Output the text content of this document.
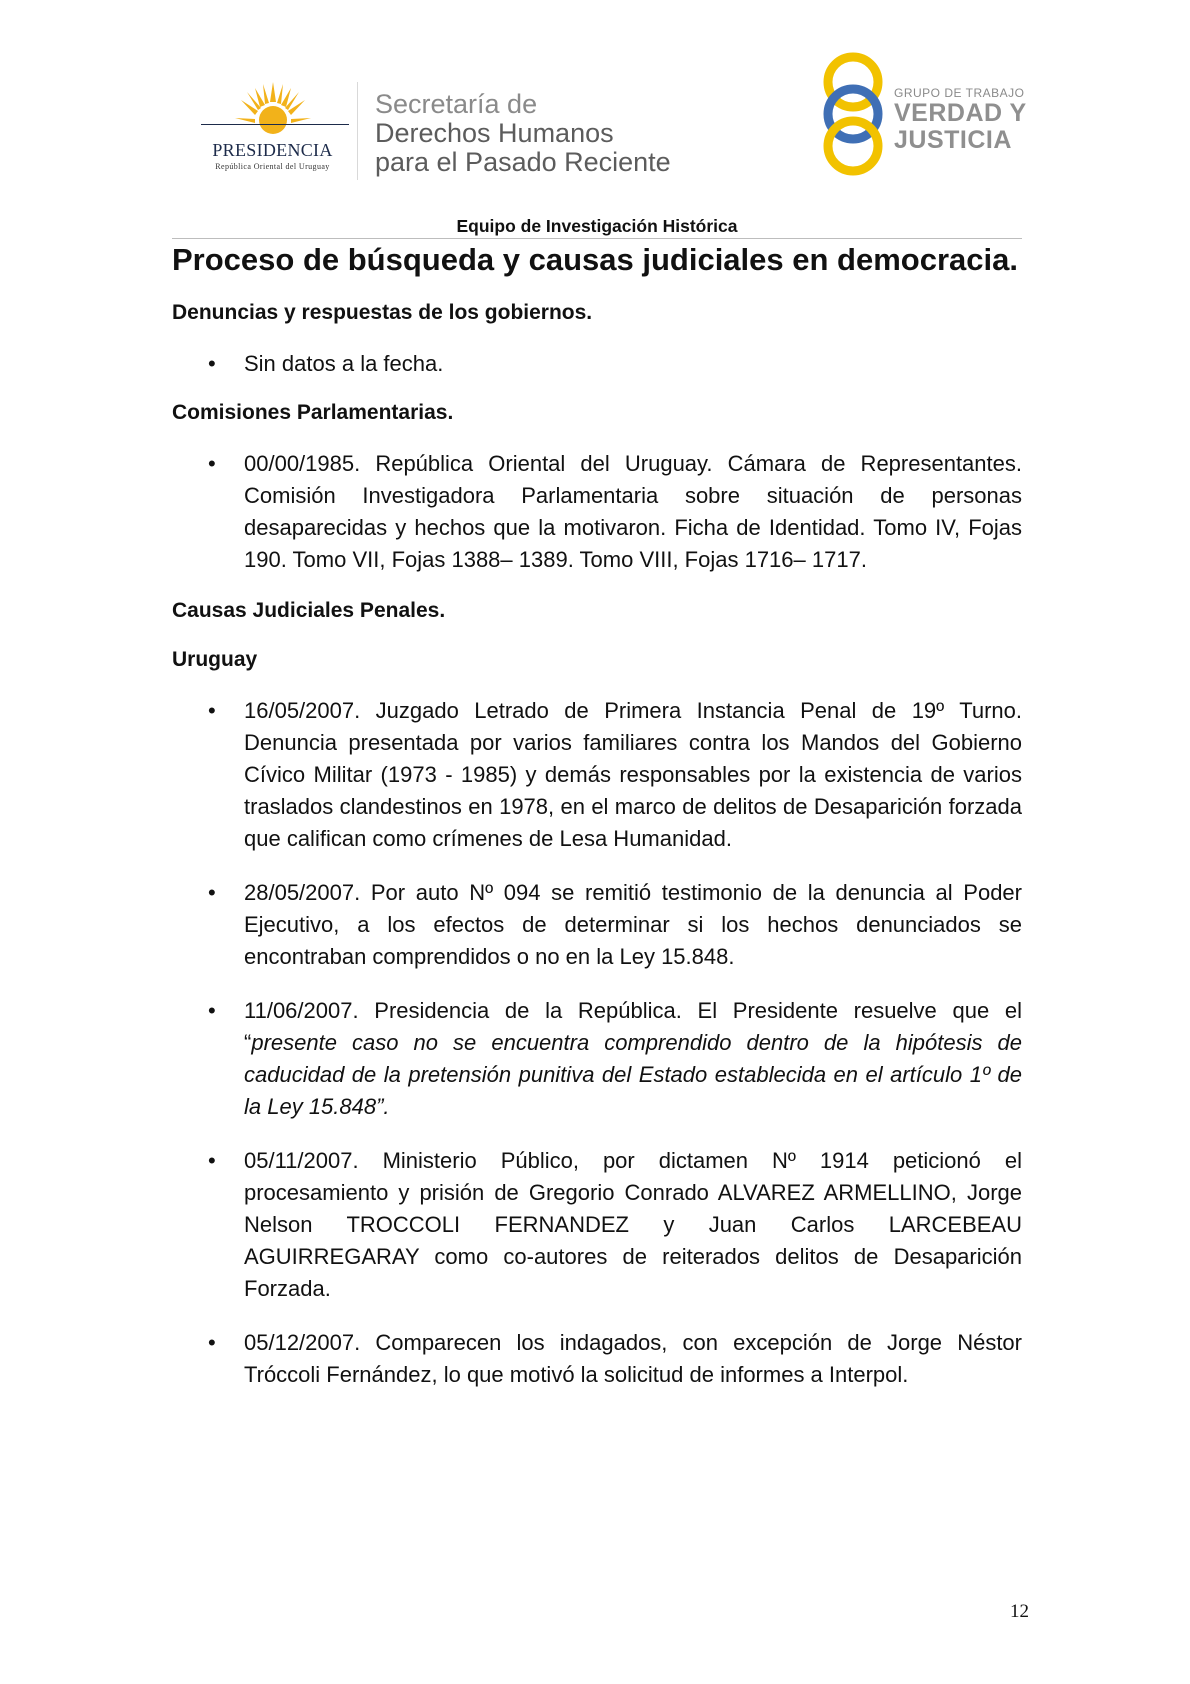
PRESIDENCIA
República Oriental del Uruguay
Secretaría de
Derechos Humanos
para el Pasado Reciente
GRUPO DE TRABAJO
VERDAD Y
JUSTICIA
Equipo de Investigación Histórica
Proceso de búsqueda y causas judiciales en democracia.
Denuncias y respuestas de los gobiernos.
• Sin datos a la fecha.
Comisiones Parlamentarias.
• 00/00/1985. República Oriental del Uruguay. Cámara de Representantes. Comisión Investigadora Parlamentaria sobre situación de personas desaparecidas y hechos que la motivaron. Ficha de Identidad. Tomo IV, Fojas 190. Tomo VII, Fojas 1388– 1389. Tomo VIII, Fojas 1716– 1717.
Causas Judiciales Penales.
Uruguay
• 16/05/2007. Juzgado Letrado de Primera Instancia Penal de 19º Turno. Denuncia presentada por varios familiares contra los Mandos del Gobierno Cívico Militar (1973 - 1985) y demás responsables por la existencia de varios traslados clandestinos en 1978, en el marco de delitos de Desaparición forzada que califican como crímenes de Lesa Humanidad.
• 28/05/2007. Por auto Nº 094 se remitió testimonio de la denuncia al Poder Ejecutivo, a los efectos de determinar si los hechos denunciados se encontraban comprendidos o no en la Ley 15.848.
• 11/06/2007. Presidencia de la República. El Presidente resuelve que el “presente caso no se encuentra comprendido dentro de la hipótesis de caducidad de la pretensión punitiva del Estado establecida en el artículo 1º de la Ley 15.848”.
• 05/11/2007. Ministerio Público, por dictamen Nº 1914 peticionó el procesamiento y prisión de Gregorio Conrado ALVAREZ ARMELLINO, Jorge Nelson TROCCOLI FERNANDEZ y Juan Carlos LARCEBEAU AGUIRREGARAY como co-autores de reiterados delitos de Desaparición Forzada.
• 05/12/2007. Comparecen los indagados, con excepción de Jorge Néstor Tróccoli Fernández, lo que motivó la solicitud de informes a Interpol.
12
